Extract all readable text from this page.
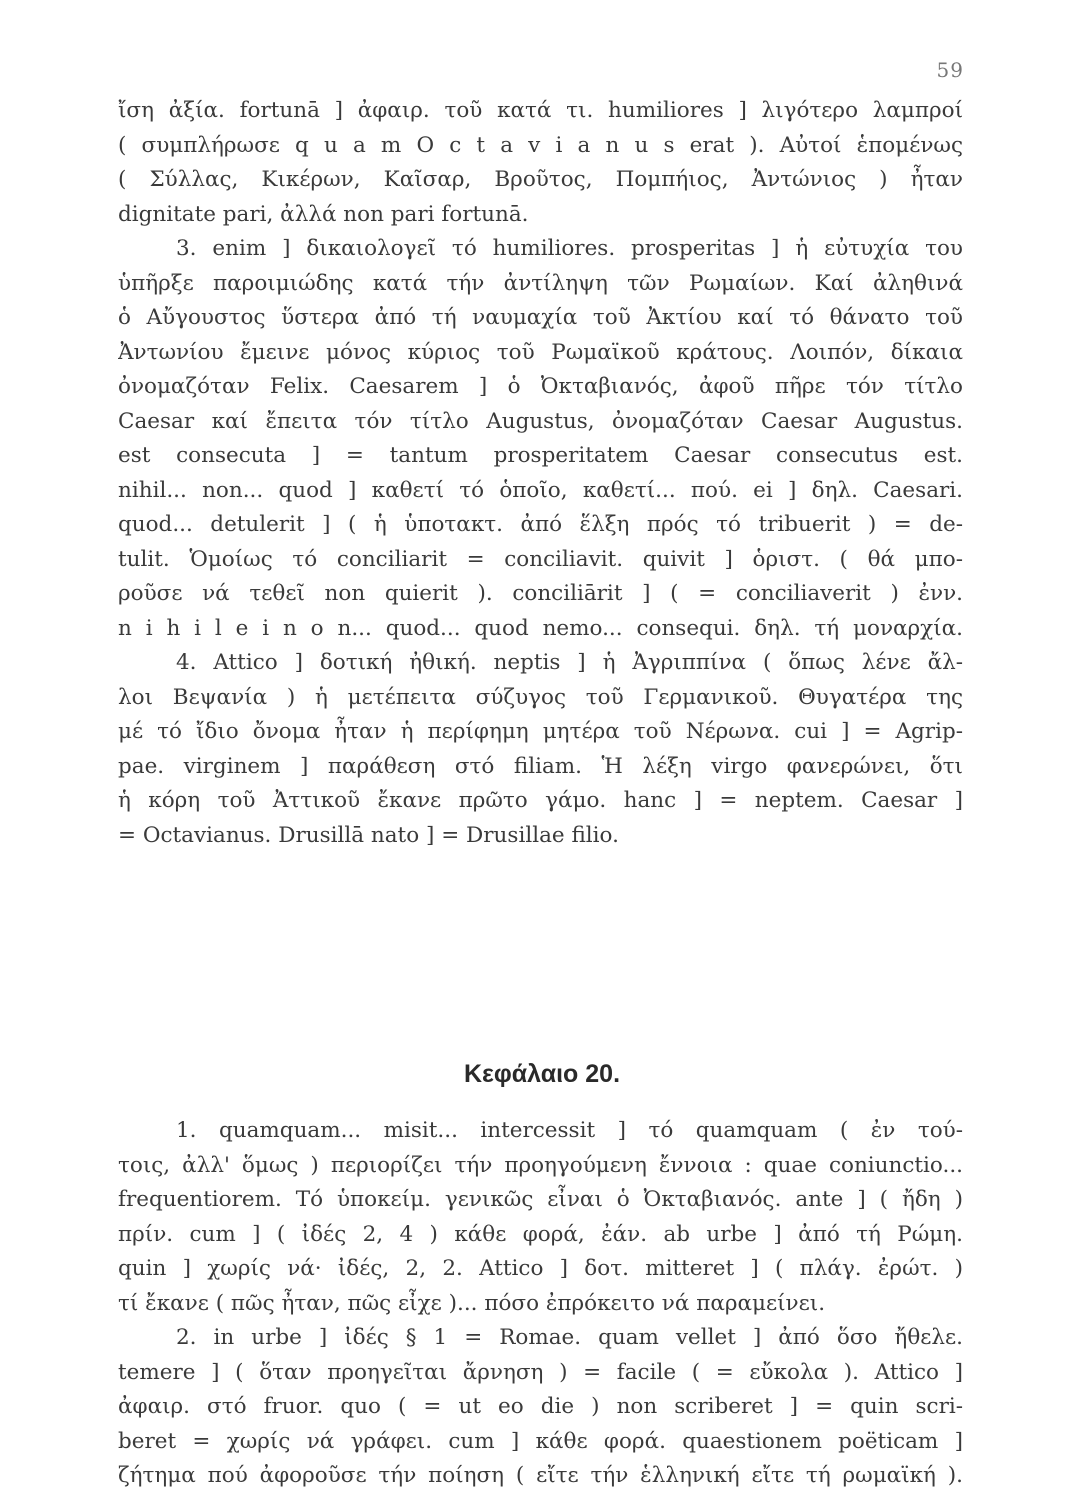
59
ἴση ἀξία. fortunā ] ἀφαιρ. τοῦ κατά τι. humiliores ] λιγότερο λαμπροί
( συμπλήρωσε q u a m O c t a v i a n u s erat ). Αὐτοί ἑπομένως
( Σύλλας, Κικέρων, Καῖσαρ, Βροῦτος, Πομπήιος, Ἀντώνιος ) ἦταν
dignitate pari, ἀλλά non pari fortunā.
3. enim ] δικαιολογεῖ τό humiliores. prosperitas ] ἡ εὐτυχία του
ὑπῆρξε παροιμιώδης κατά τήν ἀντίληψη τῶν Ρωμαίων. Καί ἀληθινά
ὁ Αὔγουστος ὕστερα ἀπό τή ναυμαχία τοῦ Ἀκτίου καί τό θάνατο τοῦ
Ἀντωνίου ἔμεινε μόνος κύριος τοῦ Ρωμαϊκοῦ κράτους. Λοιπόν, δίκαια
ὀνομαζόταν Felix. Caesarem ] ὁ Ὀκταβιανός, ἀφοῦ πῆρε τόν τίτλο
Caesar καί ἔπειτα τόν τίτλο Augustus, ὀνομαζόταν Caesar Augustus.
est consecuta ] = tantum prosperitatem Caesar consecutus est.
nihil... non... quod ] καθετί τό ὁποῖο, καθετί... πού. ei ] δηλ. Caesari.
quod... detulerit ] ( ἡ ὑποτακτ. ἀπό ἕλξη πρός τό tribuerit ) = de-
tulit. Ὁμοίως τό conciliarit = conciliavit. quivit ] ὁριστ. ( θά μπο-
ροῦσε νά τεθεῖ non quierit ). conciliārit ] ( = conciliaverit ) ἐνν.
n i h i l e i n o n... quod... quod nemo... consequi. δηλ. τή μοναρχία.
4. Attico ] δοτική ἠθική. neptis ] ἡ Ἀγριππίνα ( ὅπως λένε ἄλ-
λοι Βεψανία ) ἡ μετέπειτα σύζυγος τοῦ Γερμανικοῦ. Θυγατέρα της
μέ τό ἴδιο ὄνομα ἦταν ἡ περίφημη μητέρα τοῦ Νέρωνα. cui ] = Agrip-
pae. virginem ] παράθεση στό filiam. Ἡ λέξη virgo φανερώνει, ὅτι
ἡ κόρη τοῦ Ἀττικοῦ ἔκανε πρῶτο γάμο. hanc ] = neptem. Caesar ]
= Octavianus. Drusillā nato ] = Drusillae filio.
Κεφάλαιο 20.
1. quamquam... misit... intercessit ] τό quamquam ( ἐν τού-
τοις, ἀλλ' ὅμως ) περιορίζει τήν προηγούμενη ἔννοια : quae coniunctio...
frequentiorem. Τό ὑποκείμ. γενικῶς εἶναι ὁ Ὀκταβιανός. ante ] ( ἤδη )
πρίν. cum ] ( ἰδές 2, 4 ) κάθε φορά, ἐάν. ab urbe ] ἀπό τή Ρώμη.
quin ] χωρίς νά· ἰδές, 2, 2. Attico ] δοτ. mitteret ] ( πλάγ. ἐρώτ. )
τί ἔκανε ( πῶς ἦταν, πῶς εἶχε )... πόσο ἐπρόκειτο νά παραμείνει.
2. in urbe ] ἰδές § 1 = Romae. quam vellet ] ἀπό ὅσο ἤθελε.
temere ] ( ὅταν προηγεῖται ἄρνηση ) = facile ( = εὔκολα ). Attico ]
ἀφαιρ. στό fruor. quo ( = ut eo die ) non scriberet ] = quin scri-
beret = χωρίς νά γράφει. cum ] κάθε φορά. quaestionem poëticam ]
ζήτημα πού ἀφοροῦσε τήν ποίηση ( εἴτε τήν ἑλληνική εἴτε τή ρωμαϊκή ).
